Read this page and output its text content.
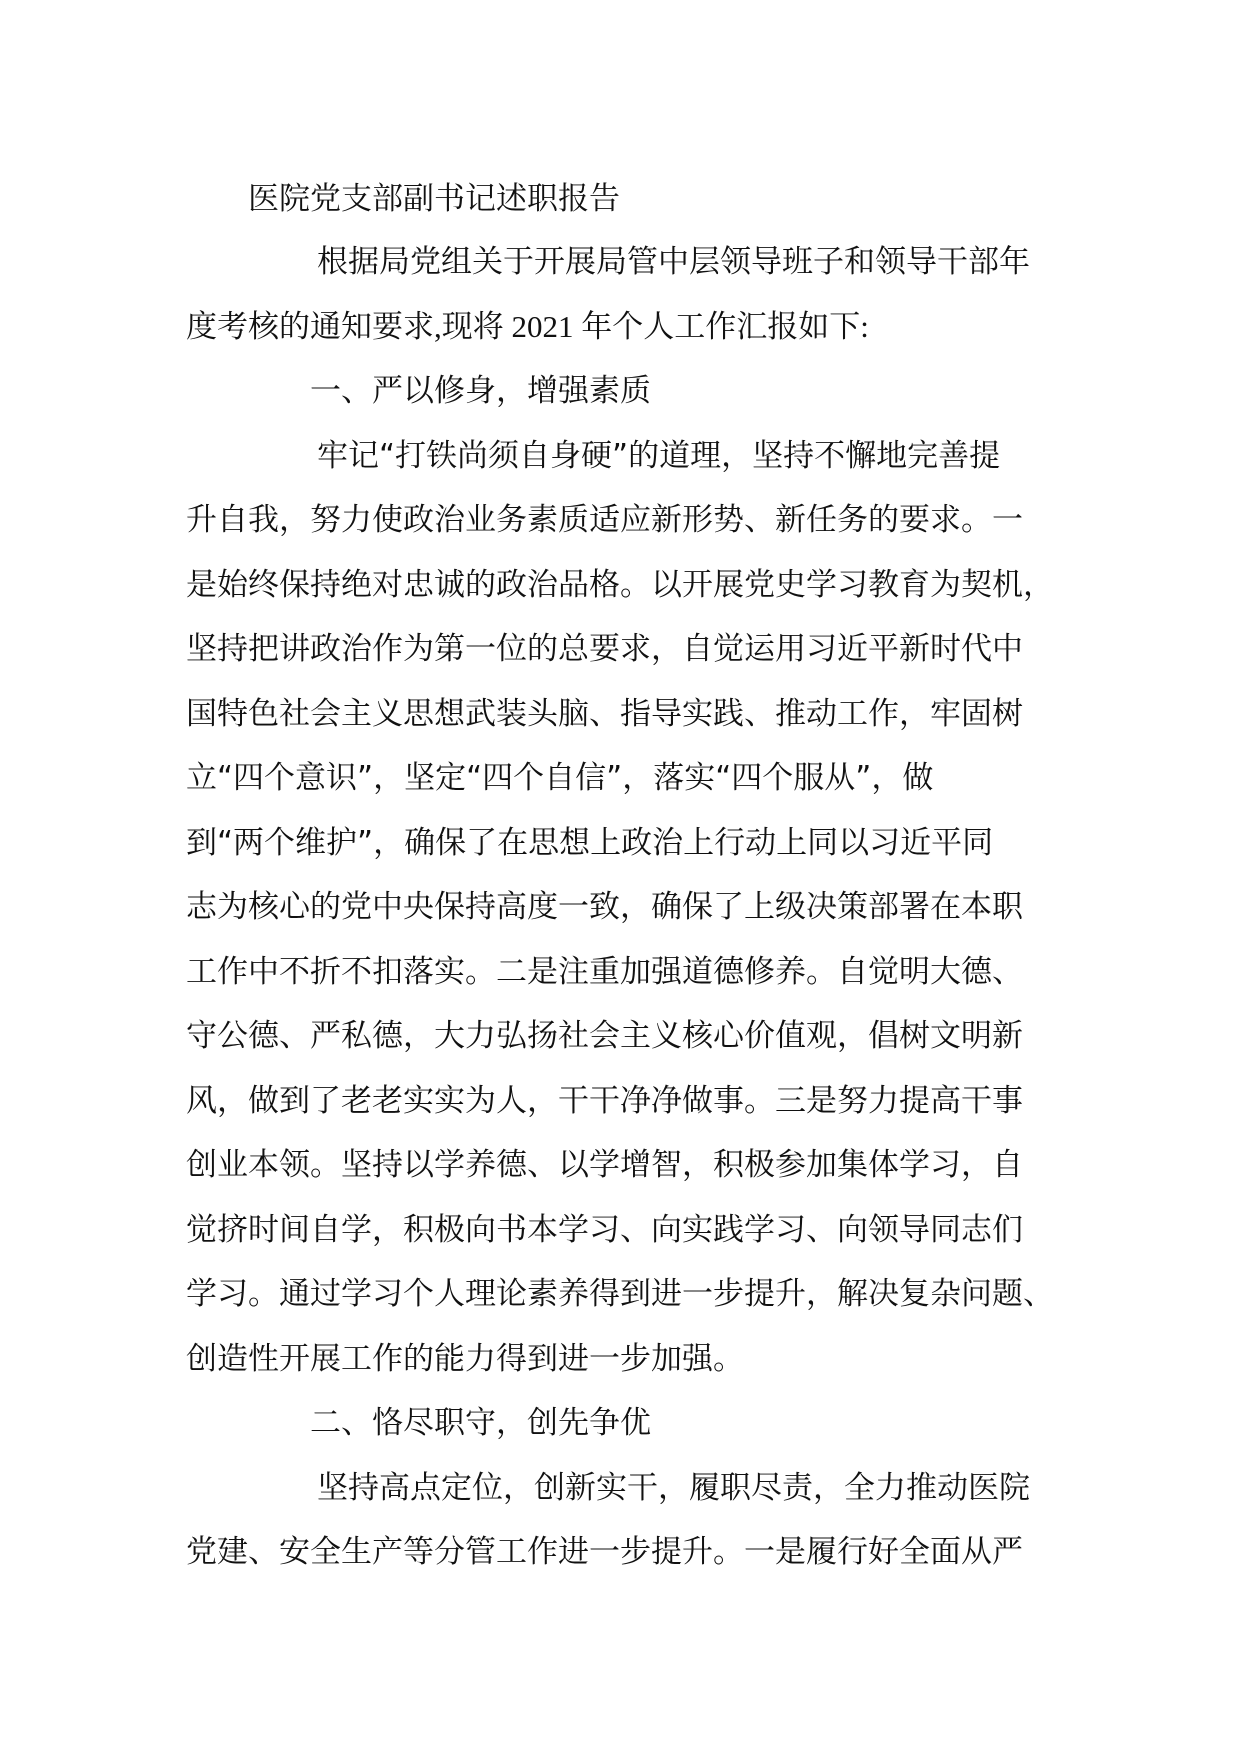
医院党支部副书记述职报告
根据局党组关于开展局管中层领导班子和领导干部年
度考核的通知要求,现将 2021 年个人工作汇报如下:
一、严以修身，增强素质
牢记“打铁尚须自身硬”的道理，坚持不懈地完善提
升自我，努力使政治业务素质适应新形势、新任务的要求。一
是始终保持绝对忠诚的政治品格。以开展党史学习教育为契机，
坚持把讲政治作为第一位的总要求，自觉运用习近平新时代中
国特色社会主义思想武装头脑、指导实践、推动工作，牢固树
立“四个意识”，坚定“四个自信”，落实“四个服从”，做
到“两个维护”，确保了在思想上政治上行动上同以习近平同
志为核心的党中央保持高度一致，确保了上级决策部署在本职
工作中不折不扣落实。二是注重加强道德修养。自觉明大德、
守公德、严私德，大力弘扬社会主义核心价值观，倡树文明新
风，做到了老老实实为人，干干净净做事。三是努力提高干事
创业本领。坚持以学养德、以学增智，积极参加集体学习，自
觉挤时间自学，积极向书本学习、向实践学习、向领导同志们
学习。通过学习个人理论素养得到进一步提升，解决复杂问题、
创造性开展工作的能力得到进一步加强。
二、恪尽职守，创先争优
坚持高点定位，创新实干，履职尽责，全力推动医院
党建、安全生产等分管工作进一步提升。一是履行好全面从严
